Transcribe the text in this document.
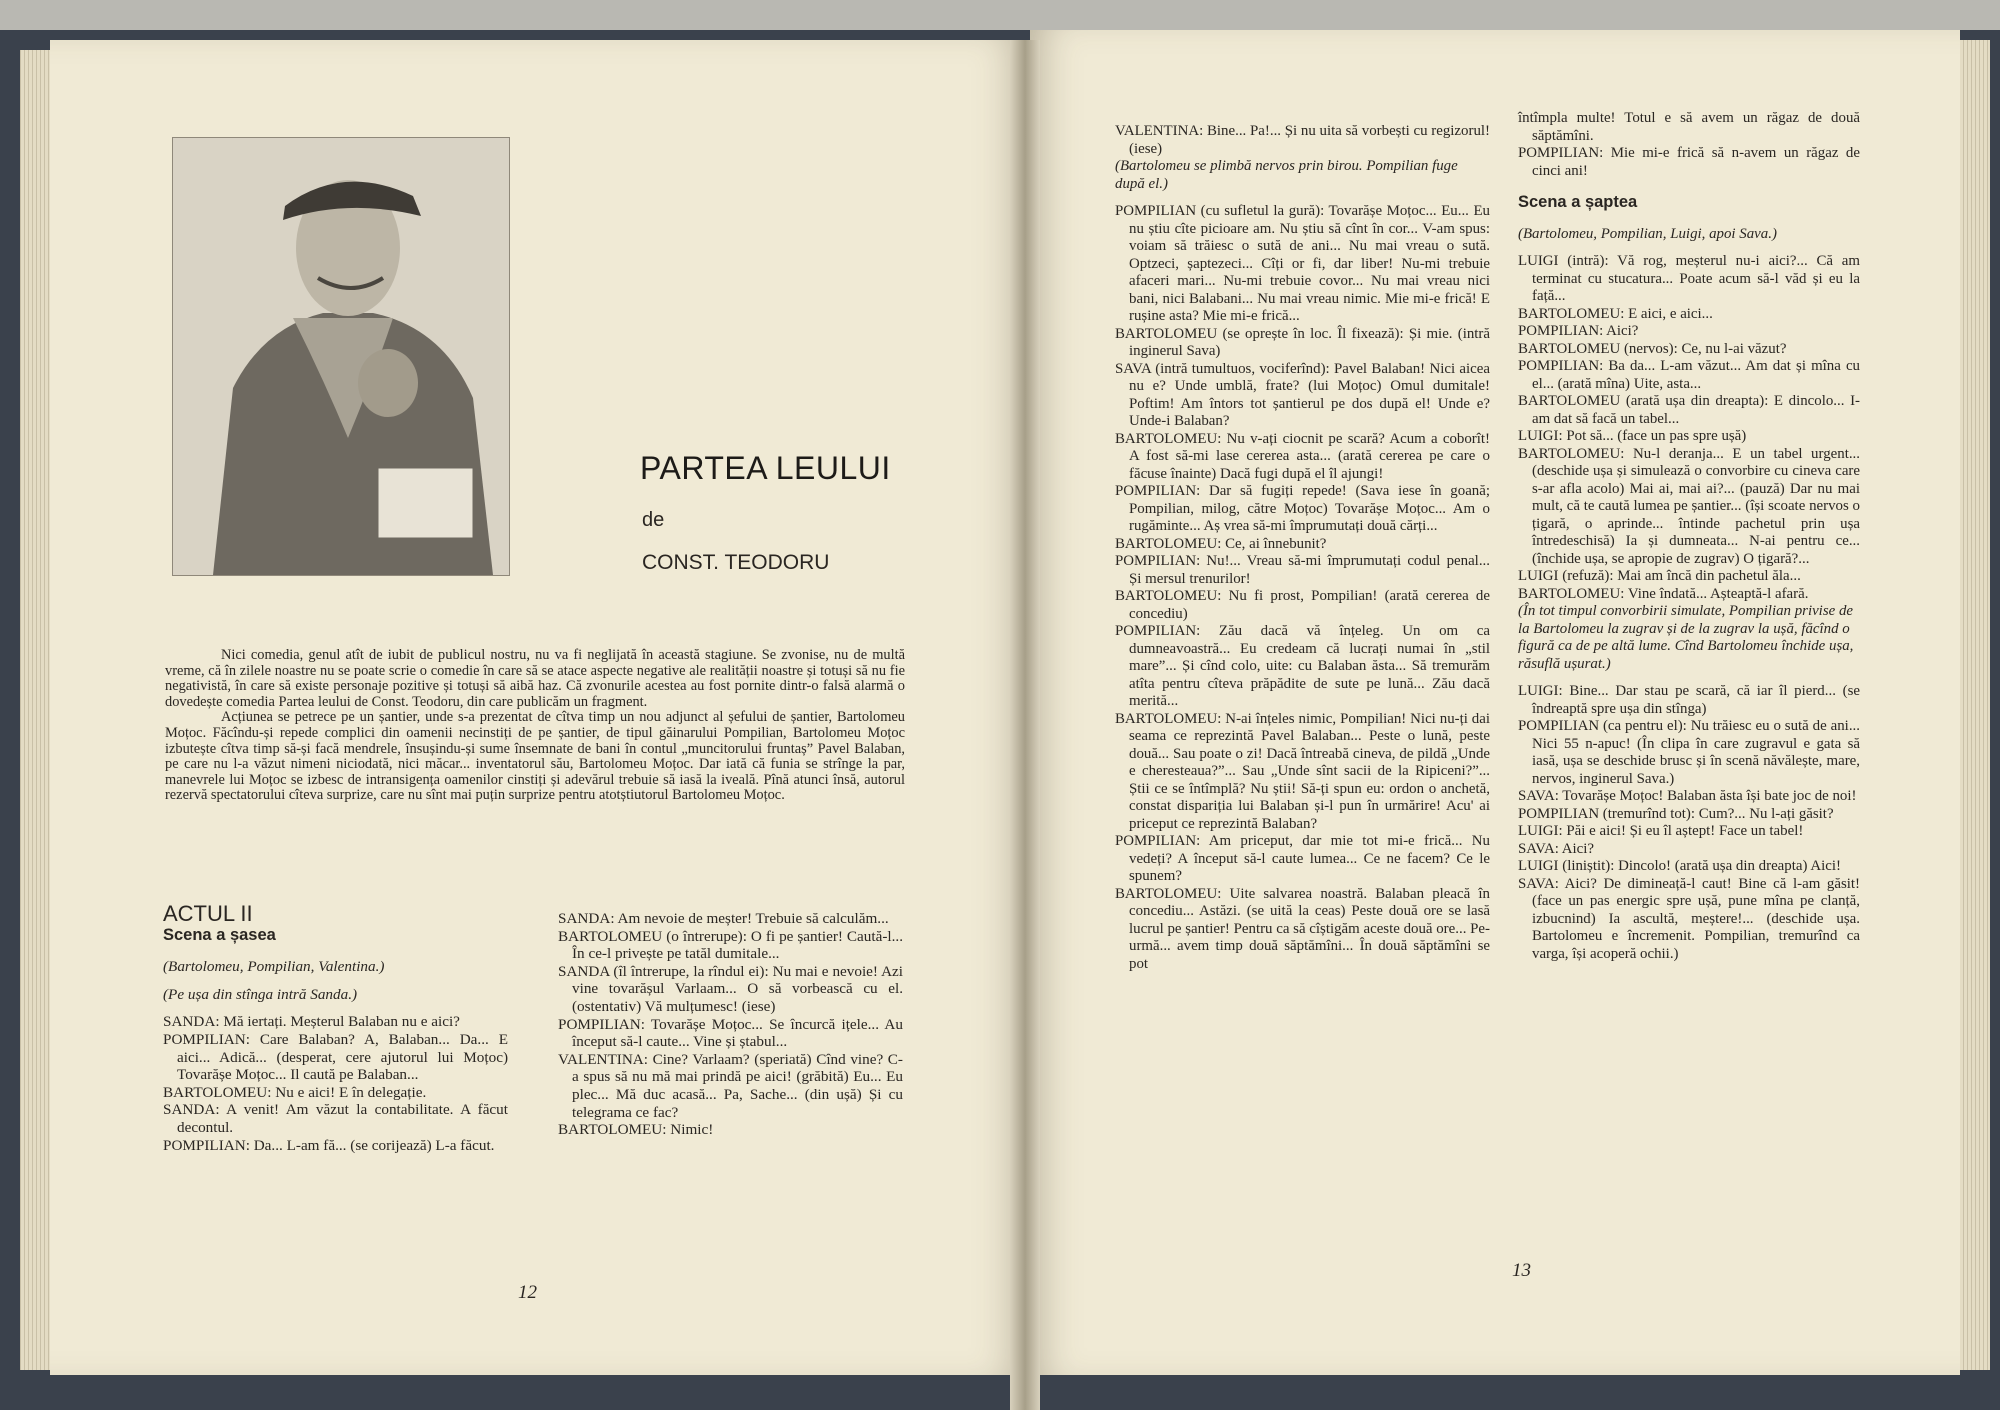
PARTEA LEULUI
de
CONST. TEODORU

Nici comedia, genul atît de iubit de publicul nostru, nu va fi neglijată în această stagiune. Se zvonise, nu de multă vreme, că în zilele noastre nu se poate scrie o comedie în care să se atace aspecte negative ale realității noastre și totuși să nu fie negativistă, în care să existe personaje pozitive și totuși să aibă haz. Că zvonurile acestea au fost pornite dintr-o falsă alarmă o dovedește comedia Partea leului de Const. Teodoru, din care publicăm un fragment.

Acțiunea se petrece pe un șantier, unde s-a prezentat de cîtva timp un nou adjunct al șefului de șantier, Bartolomeu Moțoc. Făcîndu-și repede complici din oamenii necinstiți de pe șantier, de tipul găinarului Pompilian, Bartolomeu Moțoc izbutește cîtva timp să-și facă mendrele, însușindu-și sume însemnate de bani în contul „muncitorului fruntaș” Pavel Balaban, pe care nu l-a văzut nimeni niciodată, nici măcar... inventatorul său, Bartolomeu Moțoc. Dar iată că funia se strînge la par, manevrele lui Moțoc se izbesc de intransigența oamenilor cinstiți și adevărul trebuie să iasă la iveală. Pînă atunci însă, autorul rezervă spectatorului cîteva surprize, care nu sînt mai puțin surprize pentru atotștiutorul Bartolomeu Moțoc.

ACTUL II
Scena a șasea
(Bartolomeu, Pompilian, Valentina.)
(Pe ușa din stînga intră Sanda.)
SANDA: Mă iertați. Meșterul Balaban nu e aici?
POMPILIAN: Care Balaban? A, Balaban... Da... E aici... Adică... (desperat, cere ajutorul lui Moțoc) Tovarășe Moțoc... Il caută pe Balaban...
BARTOLOMEU: Nu e aici! E în delegație.
SANDA: A venit! Am văzut la contabilitate. A făcut decontul.
POMPILIAN: Da... L-am fă... (se corijează) L-a făcut.
SANDA: Am nevoie de meșter! Trebuie să calculăm...
BARTOLOMEU (o întrerupe): O fi pe șantier! Caută-l... În ce-l privește pe tatăl dumitale...
SANDA (îl întrerupe, la rîndul ei): Nu mai e nevoie! Azi vine tovarășul Varlaam... O să vorbească cu el. (ostentativ) Vă mulțumesc! (iese)
POMPILIAN: Tovarășe Moțoc... Se încurcă ițele... Au început să-l caute... Vine și ștabul...
VALENTINA: Cine? Varlaam? (speriată) Cînd vine? C-a spus să nu mă mai prindă pe aici! (grăbită) Eu... Eu plec... Mă duc acasă... Pa, Sache... (din ușă) Și cu telegrama ce fac?
BARTOLOMEU: Nimic!
12
VALENTINA: Bine... Pa!... Și nu uita să vorbești cu regizorul! (iese)
(Bartolomeu se plimbă nervos prin birou. Pompilian fuge după el.)
POMPILIAN (cu sufletul la gură): Tovarășe Moțoc... Eu... Eu nu știu cîte picioare am. Nu știu să cînt în cor... V-am spus: voiam să trăiesc o sută de ani... Nu mai vreau o sută. Optzeci, șaptezeci... Cîți or fi, dar liber! Nu-mi trebuie afaceri mari... Nu-mi trebuie covor... Nu mai vreau nici bani, nici Balabani... Nu mai vreau nimic. Mie mi-e frică! E rușine asta? Mie mi-e frică...
BARTOLOMEU (se oprește în loc. Îl fixează): Și mie. (intră inginerul Sava)
SAVA (intră tumultuos, vociferînd): Pavel Balaban! Nici aicea nu e? Unde umblă, frate? (lui Moțoc) Omul dumitale! Poftim! Am întors tot șantierul pe dos după el! Unde e? Unde-i Balaban?
BARTOLOMEU: Nu v-ați ciocnit pe scară? Acum a coborît! A fost să-mi lase cererea asta... (arată cererea pe care o făcuse înainte) Dacă fugi după el îl ajungi!
POMPILIAN: Dar să fugiți repede! (Sava iese în goană; Pompilian, milog, către Moțoc) Tovarășe Moțoc... Am o rugăminte... Aș vrea să-mi împrumutați două cărți...
BARTOLOMEU: Ce, ai înnebunit?
POMPILIAN: Nu!... Vreau să-mi împrumutați codul penal... Și mersul trenurilor!
BARTOLOMEU: Nu fi prost, Pompilian! (arată cererea de concediu)
POMPILIAN: Zău dacă vă înțeleg. Un om ca dumneavoastră... Eu credeam că lucrați numai în „stil mare”... Și cînd colo, uite: cu Balaban ăsta... Să tremurăm atîta pentru cîteva prăpădite de sute pe lună... Zău dacă merită...
BARTOLOMEU: N-ai înțeles nimic, Pompilian! Nici nu-ți dai seama ce reprezintă Pavel Balaban... Peste o lună, peste două... Sau poate o zi! Dacă întreabă cineva, de pildă „Unde e cherestеaua?”... Sau „Unde sînt sacii de la Ripiceni?”... Știi ce se întîmplă? Nu știi! Să-ți spun eu: ordon o anchetă, constat dispariția lui Balaban și-l pun în urmărire! Acu' ai priceput ce reprezintă Balaban?
POMPILIAN: Am priceput, dar mie tot mi-e frică... Nu vedeți? A început să-l caute lumea... Ce ne facem? Ce le spunem?
BARTOLOMEU: Uite salvarea noastră. Balaban pleacă în concediu... Astăzi. (se uită la ceas) Peste două ore se lasă lucrul pe șantier! Pentru ca să cîștigăm aceste două ore... Pe-urmă... avem timp două săptămîni... În două săptămîni se pot
întîmpla multe! Totul e să avem un răgaz de două săptămîni.
POMPILIAN: Mie mi-e frică să n-avem un răgaz de cinci ani!
Scena a șaptea
(Bartolomeu, Pompilian, Luigi, apoi Sava.)
LUIGI (intră): Vă rog, meșterul nu-i aici?... Că am terminat cu stucatura... Poate acum să-l văd și eu la față...
BARTOLOMEU: E aici, e aici...
POMPILIAN: Aici?
BARTOLOMEU (nervos): Ce, nu l-ai văzut?
POMPILIAN: Ba da... L-am văzut... Am dat și mîna cu el... (arată mîna) Uite, asta...
BARTOLOMEU (arată ușa din dreapta): E dincolo... I-am dat să facă un tabel...
LUIGI: Pot să... (face un pas spre ușă)
BARTOLOMEU: Nu-l deranja... E un tabel urgent... (deschide ușa și simulează o convorbire cu cineva care s-ar afla acolo) Mai ai, mai ai?... (pauză) Dar nu mai mult, că te caută lumea pe șantier... (își scoate nervos o țigară, o aprinde... întinde pachetul prin ușa întredeschisă) Ia și dumneata... N-ai pentru ce... (închide ușa, se apropie de zugrav) O țigară?...
LUIGI (refuză): Mai am încă din pachetul ăla...
BARTOLOMEU: Vine îndată... Așteaptă-l afară.
(În tot timpul convorbirii simulate, Pompilian privise de la Bartolomeu la zugrav și de la zugrav la ușă, făcînd o figură ca de pe altă lume. Cînd Bartolomeu închide ușa, răsuflă ușurat.)
LUIGI: Bine... Dar stau pe scară, că iar îl pierd... (se îndreaptă spre ușa din stînga)
POMPILIAN (ca pentru el): Nu trăiesc eu o sută de ani... Nici 55 n-apuc! (În clipa în care zugravul e gata să iasă, ușa se deschide brusc și în scenă năvălește, mare, nervos, inginerul Sava.)
SAVA: Tovarășe Moțoc! Balaban ăsta își bate joc de noi!
POMPILIAN (tremurînd tot): Cum?... Nu l-ați găsit?
LUIGI: Păi e aici! Și eu îl aștept! Face un tabel!
SAVA: Aici?
LUIGI (liniștit): Dincolo! (arată ușa din dreapta) Aici!
SAVA: Aici? De dimineață-l caut! Bine că l-am găsit! (face un pas energic spre ușă, pune mîna pe clanță, izbucnind) Ia ascultă, meștere!... (deschide ușa. Bartolomeu e încremenit. Pompilian, tremurînd ca varga, își acoperă ochii.)
13
